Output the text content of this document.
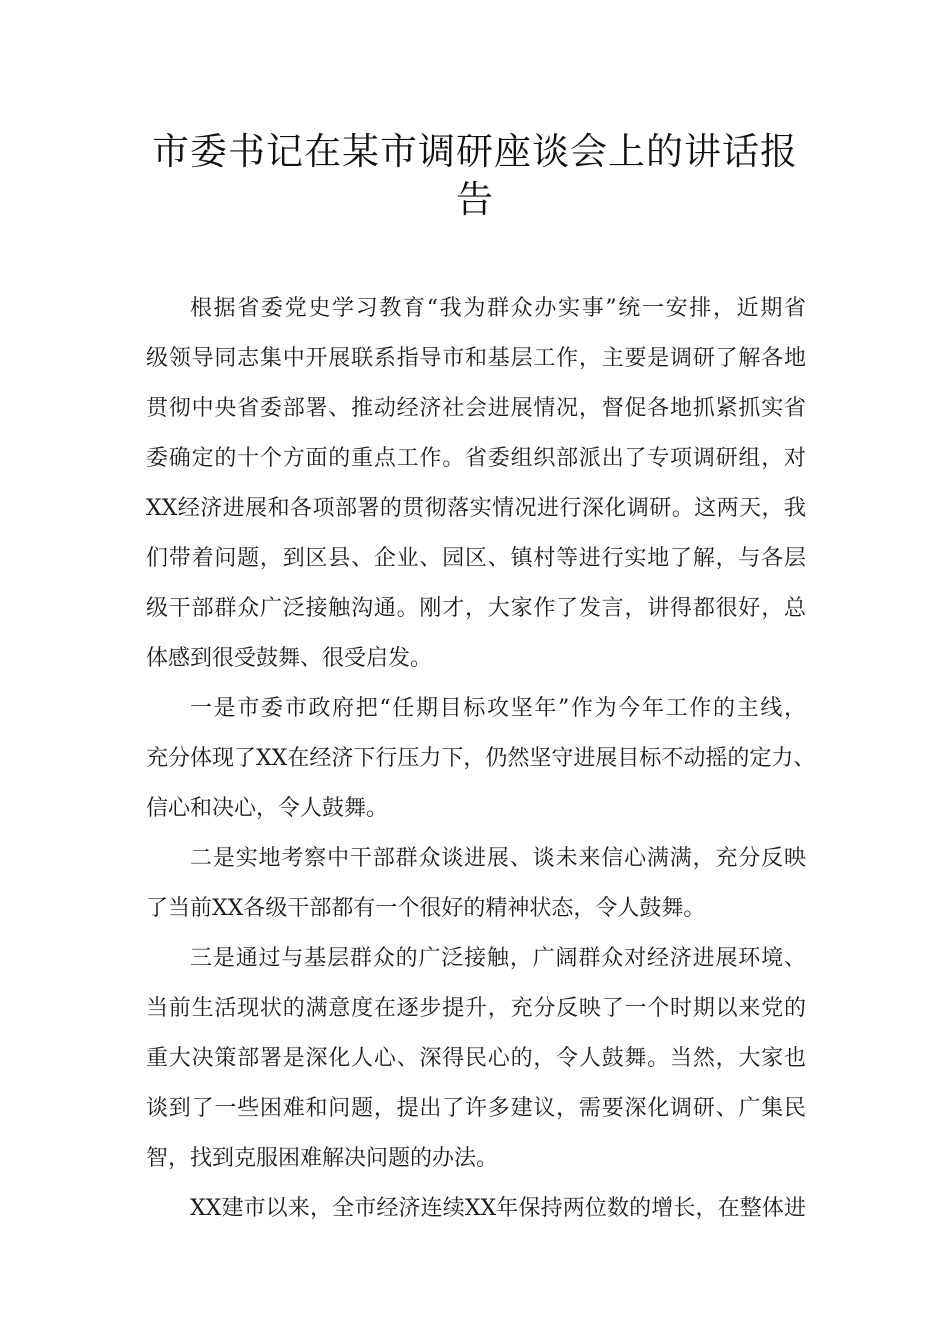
市委书记在某市调研座谈会上的讲话报
告
根据省委党史学习教育“我为群众办实事”统一安排，近期省
级领导同志集中开展联系指导市和基层工作，主要是调研了解各地
贯彻中央省委部署、推动经济社会进展情况，督促各地抓紧抓实省
委确定的十个方面的重点工作。省委组织部派出了专项调研组，对
XX经济进展和各项部署的贯彻落实情况进行深化调研。这两天，我
们带着问题，到区县、企业、园区、镇村等进行实地了解，与各层
级干部群众广泛接触沟通。刚才，大家作了发言，讲得都很好，总
体感到很受鼓舞、很受启发。
一是市委市政府把“任期目标攻坚年”作为今年工作的主线，
充分体现了XX在经济下行压力下，仍然坚守进展目标不动摇的定力、
信心和决心，令人鼓舞。
二是实地考察中干部群众谈进展、谈未来信心满满，充分反映
了当前XX各级干部都有一个很好的精神状态，令人鼓舞。
三是通过与基层群众的广泛接触，广阔群众对经济进展环境、
当前生活现状的满意度在逐步提升，充分反映了一个时期以来党的
重大决策部署是深化人心、深得民心的，令人鼓舞。当然，大家也
谈到了一些困难和问题，提出了许多建议，需要深化调研、广集民
智，找到克服困难解决问题的办法。
XX建市以来，全市经济连续XX年保持两位数的增长，在整体进
